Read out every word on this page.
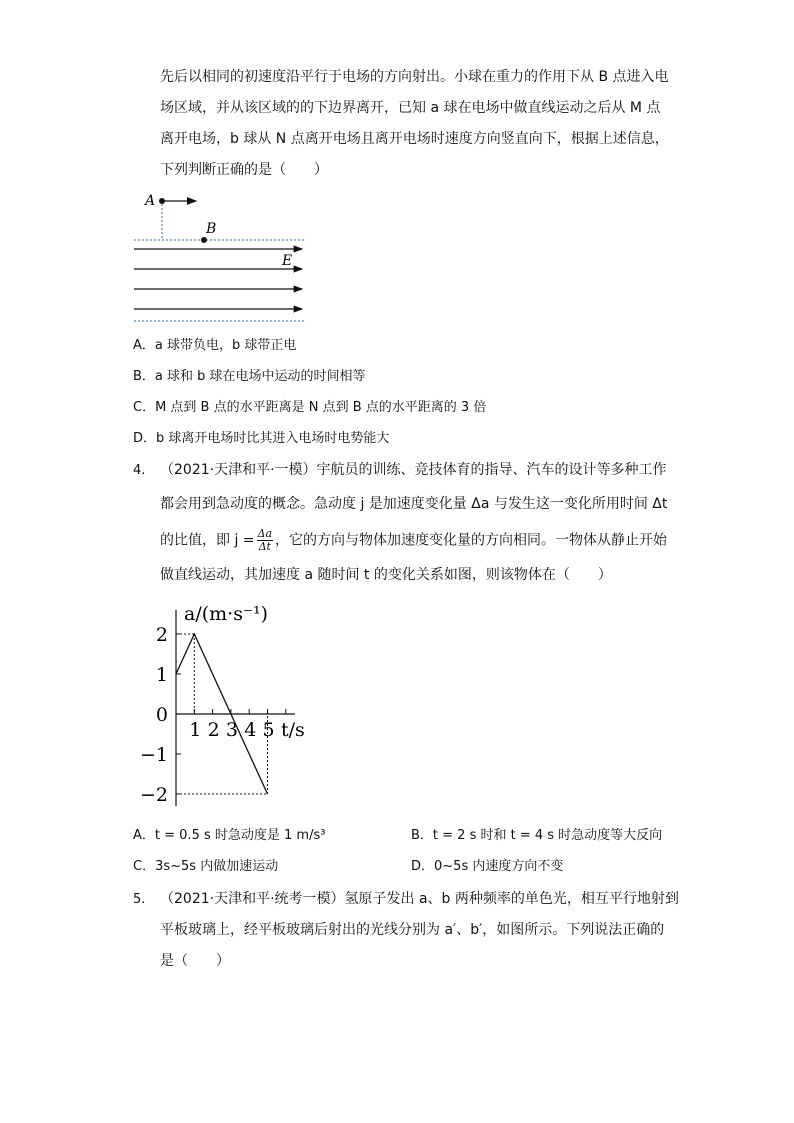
先后以相同的初速度沿平行于电场的方向射出。小球在重力的作用下从 B 点进入电
场区域，并从该区域的的下边界离开，已知 a 球在电场中做直线运动之后从 M 点
离开电场，b 球从 N 点离开电场且离开电场时速度方向竖直向下，根据上述信息，
下列判断正确的是（　　）
A
B
E
A．a 球带负电，b 球带正电
B．a 球和 b 球在电场中运动的时间相等
C．M 点到 B 点的水平距离是 N 点到 B 点的水平距离的 3 倍
D．b 球离开电场时比其进入电场时电势能大
4. （2021·天津和平·一模）宇航员的训练、竞技体育的指导、汽车的设计等多种工作
都会用到急动度的概念。急动度 j 是加速度变化量 Δa 与发生这一变化所用时间 Δt
的比值，即 $j = \frac{\Delta a}{\Delta t}$ ，它的方向与物体加速度变化量的方向相同。一物体从静止开始
做直线运动，其加速度 a 随时间 t 的变化关系如图，则该物体在（　　）
1 2 3 4 5
2
1
0
−1
−2
a/(m·s⁻¹)
t/s
A．t = 0.5 s 时急动度是 1 m/s³	B．t = 2 s 时和 t = 4 s 时急动度等大反向
C．3s~5s 内做加速运动	D．0~5s 内速度方向不变
5. （2021·天津和平·统考一模）氢原子发出 a、b 两种频率的单色光，相互平行地射到
平板玻璃上，经平板玻璃后射出的光线分别为 a′、b′，如图所示。下列说法正确的
是（　　）
